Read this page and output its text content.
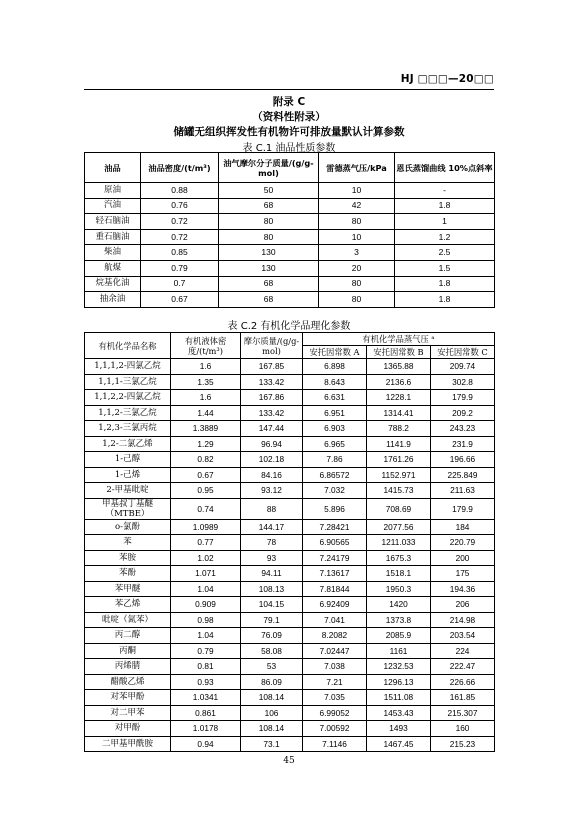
HJ □□□—20□□
附录 C
（资料性附录）
储罐无组织挥发性有机物许可排放量默认计算参数
表 C.1 油品性质参数
油品	油品密度/(t/m³)	油气摩尔分子质量/(g/g-mol)	雷德蒸气压/kPa	恩氏蒸馏曲线 10%点斜率
原油	0.88	50	10	-
汽油	0.76	68	42	1.8
轻石脑油	0.72	80	80	1
重石脑油	0.72	80	10	1.2
柴油	0.85	130	3	2.5
航煤	0.79	130	20	1.5
烷基化油	0.7	68	80	1.8
抽余油	0.67	68	80	1.8
表 C.2 有机化学品理化参数
有机化学品名称	有机液体密度/(t/m³)	摩尔质量/(g/g-mol)	有机化学品蒸气压 ᵃ		
			安托因常数 A	安托因常数 B	安托因常数 C
1,1,1,2-四氯乙烷	1.6	167.85	6.898	1365.88	209.74
1,1,1-三氯乙烷	1.35	133.42	8.643	2136.6	302.8
1,1,2,2-四氯乙烷	1.6	167.86	6.631	1228.1	179.9
1,1,2-三氯乙烷	1.44	133.42	6.951	1314.41	209.2
1,2,3-三氯丙烷	1.3889	147.44	6.903	788.2	243.23
1,2-二氯乙烯	1.29	96.94	6.965	1141.9	231.9
1-己醇	0.82	102.18	7.86	1761.26	196.66
1-己烯	0.67	84.16	6.86572	1152.971	225.849
2-甲基吡啶	0.95	93.12	7.032	1415.73	211.63
甲基叔丁基醚（MTBE）	0.74	88	5.896	708.69	179.9
o-氯酚	1.0989	144.17	7.28421	2077.56	184
苯	0.77	78	6.90565	1211.033	220.79
苯胺	1.02	93	7.24179	1675.3	200
苯酚	1.071	94.11	7.13617	1518.1	175
苯甲醚	1.04	108.13	7.81844	1950.3	194.36
苯乙烯	0.909	104.15	6.92409	1420	206
吡啶（氮苯）	0.98	79.1	7.041	1373.8	214.98
丙二醇	1.04	76.09	8.2082	2085.9	203.54
丙酮	0.79	58.08	7.02447	1161	224
丙烯腈	0.81	53	7.038	1232.53	222.47
醋酸乙烯	0.93	86.09	7.21	1296.13	226.66
对苯甲酚	1.0341	108.14	7.035	1511.08	161.85
对二甲苯	0.861	106	6.99052	1453.43	215.307
对甲酚	1.0178	108.14	7.00592	1493	160
二甲基甲酰胺	0.94	73.1	7.1146	1467.45	215.23
45
